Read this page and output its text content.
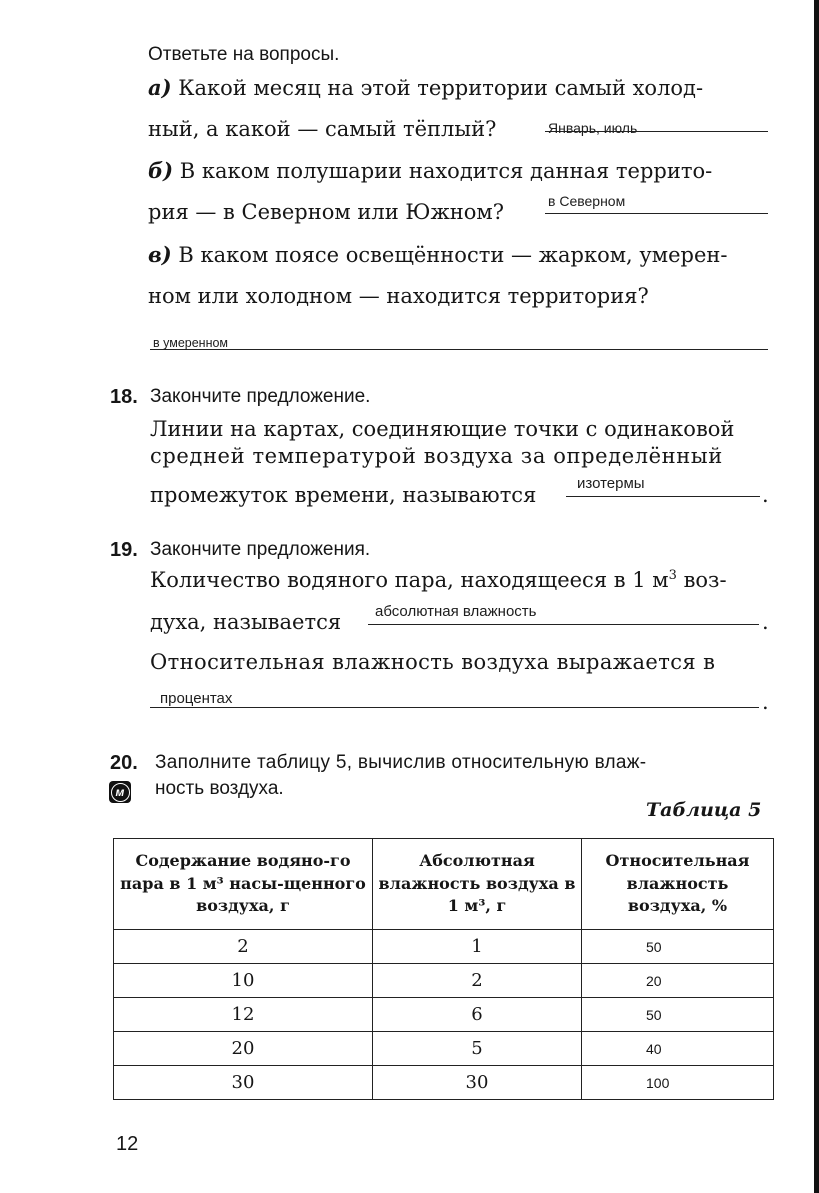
Ответьте на вопросы.
а) Какой месяц на этой территории самый холод-
ный, а какой — самый тёплый?	Январь, июль
б) В каком полушарии находится данная террито-
рия — в Северном или Южном?	в Северном
в) В каком поясе освещённости — жарком, умерен-
ном или холодном — находится территория?
в умеренном
18. Закончите предложение.
Линии на картах, соединяющие точки с одинаковой
средней температурой воздуха за определённый
промежуток времени, называются	изотермы	.
19. Закончите предложения.
Количество водяного пара, находящееся в 1 $м^3$ воз-
духа, называется абсолютная влажность	.
Относительная влажность воздуха выражается в
процентах	.
20. Заполните таблицу 5, вычислив относительную влаж-
ность воздуха.
м
Таблица 5
Содержание водяно-го пара в 1 м³ насы-щенного воздуха, г	Абсолютная влажность воздуха в 1 м³, г	Относительная влажность воздуха, %
2	1	50
10	2	20
12	6	50
20	5	40
30	30	100
12
